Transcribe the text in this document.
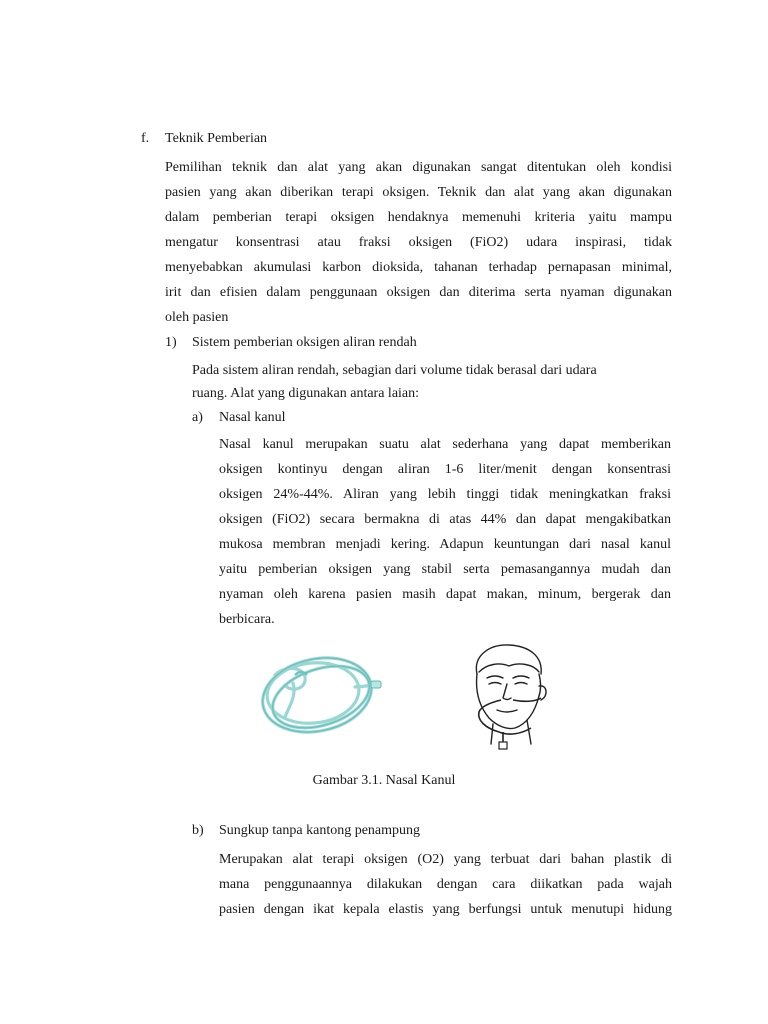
f. Teknik Pemberian
Pemilihan teknik dan alat yang akan digunakan sangat ditentukan oleh kondisi
pasien yang akan diberikan terapi oksigen. Teknik dan alat yang akan digunakan
dalam pemberian terapi oksigen hendaknya memenuhi kriteria yaitu mampu
mengatur konsentrasi atau fraksi oksigen (FiO2) udara inspirasi, tidak
menyebabkan akumulasi karbon dioksida, tahanan terhadap pernapasan minimal,
irit dan efisien dalam penggunaan oksigen dan diterima serta nyaman digunakan
oleh pasien
1) Sistem pemberian oksigen aliran rendah
Pada sistem aliran rendah, sebagian dari volume tidak berasal dari udara
ruang. Alat yang digunakan antara laian:
a) Nasal kanul
Nasal kanul merupakan suatu alat sederhana yang dapat memberikan
oksigen kontinyu dengan aliran 1-6 liter/menit dengan konsentrasi
oksigen 24%-44%. Aliran yang lebih tinggi tidak meningkatkan fraksi
oksigen (FiO2) secara bermakna di atas 44% dan dapat mengakibatkan
mukosa membran menjadi kering. Adapun keuntungan dari nasal kanul
yaitu pemberian oksigen yang stabil serta pemasangannya mudah dan
nyaman oleh karena pasien masih dapat makan, minum, bergerak dan
berbicara.
Gambar 3.1. Nasal Kanul
b) Sungkup tanpa kantong penampung
Merupakan alat terapi oksigen (O2) yang terbuat dari bahan plastik di
mana penggunaannya dilakukan dengan cara diikatkan pada wajah
pasien dengan ikat kepala elastis yang berfungsi untuk menutupi hidung
